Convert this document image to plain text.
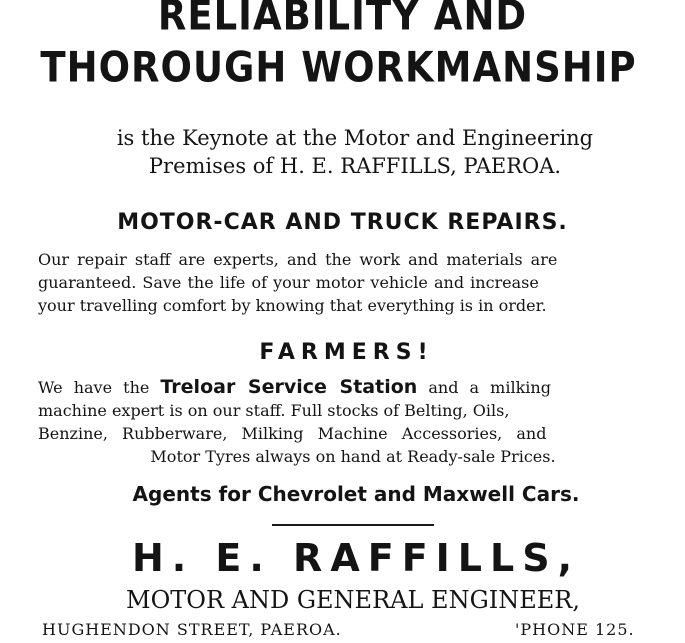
RELIABILITY AND
THOROUGH WORKMANSHIP
is the Keynote at the Motor and Engineering
Premises of H. E. RAFFILLS, PAEROA.
MOTOR-CAR AND TRUCK REPAIRS.
Our repair staff are experts, and the work and materials are
guaranteed. Save the life of your motor vehicle and increase
your travelling comfort by knowing that everything is in order.
FARMERS!
We have the Treloar Service Station and a milking
machine expert is on our staff. Full stocks of Belting, Oils,
Benzine, Rubberware, Milking Machine Accessories, and
Motor Tyres always on hand at Ready-sale Prices.
Agents for Chevrolet and Maxwell Cars.
H. E. RAFFILLS,
MOTOR AND GENERAL ENGINEER,
HUGHENDON STREET, PAEROA.	'PHONE 125.
